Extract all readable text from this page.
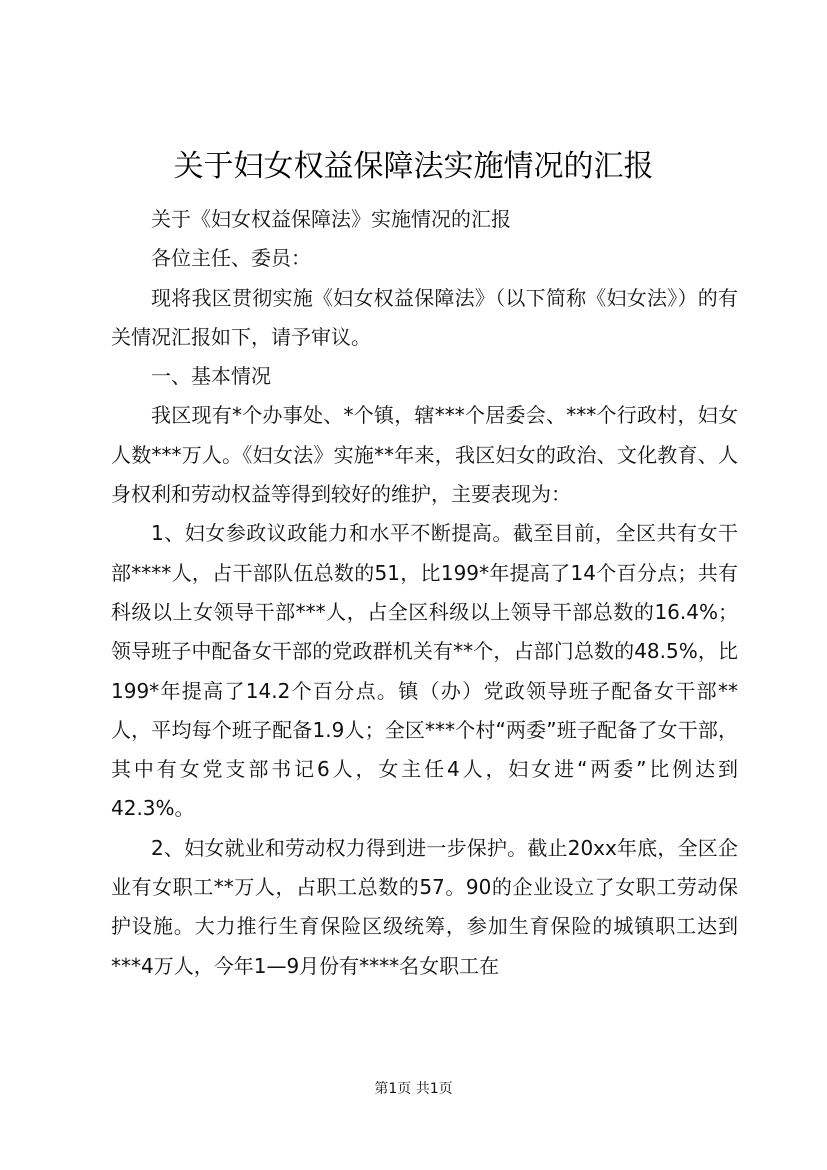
关于妇女权益保障法实施情况的汇报

关于《妇女权益保障法》实施情况的汇报

各位主任、委员：

现将我区贯彻实施《妇女权益保障法》（以下简称《妇女法》）的有关情况汇报如下，请予审议。

一、基本情况

我区现有*个办事处、*个镇，辖***个居委会、***个行政村，妇女人数***万人。《妇女法》实施**年来，我区妇女的政治、文化教育、人身权利和劳动权益等得到较好的维护，主要表现为：

1、妇女参政议政能力和水平不断提高。截至目前，全区共有女干部****人，占干部队伍总数的51，比199*年提高了14个百分点；共有科级以上女领导干部***人，占全区科级以上领导干部总数的16.4%；领导班子中配备女干部的党政群机关有**个，占部门总数的48.5%，比199*年提高了14.2个百分点。镇（办）党政领导班子配备女干部**人，平均每个班子配备1.9人；全区***个村“两委”班子配备了女干部，其中有女党支部书记6人，女主任4人，妇女进“两委”比例达到42.3%。

2、妇女就业和劳动权力得到进一步保护。截止20xx年底，全区企业有女职工**万人，占职工总数的57。90的企业设立了女职工劳动保护设施。大力推行生育保险区级统筹，参加生育保险的城镇职工达到***4万人，今年1—9月份有****名女职工在

第1页 共1页
